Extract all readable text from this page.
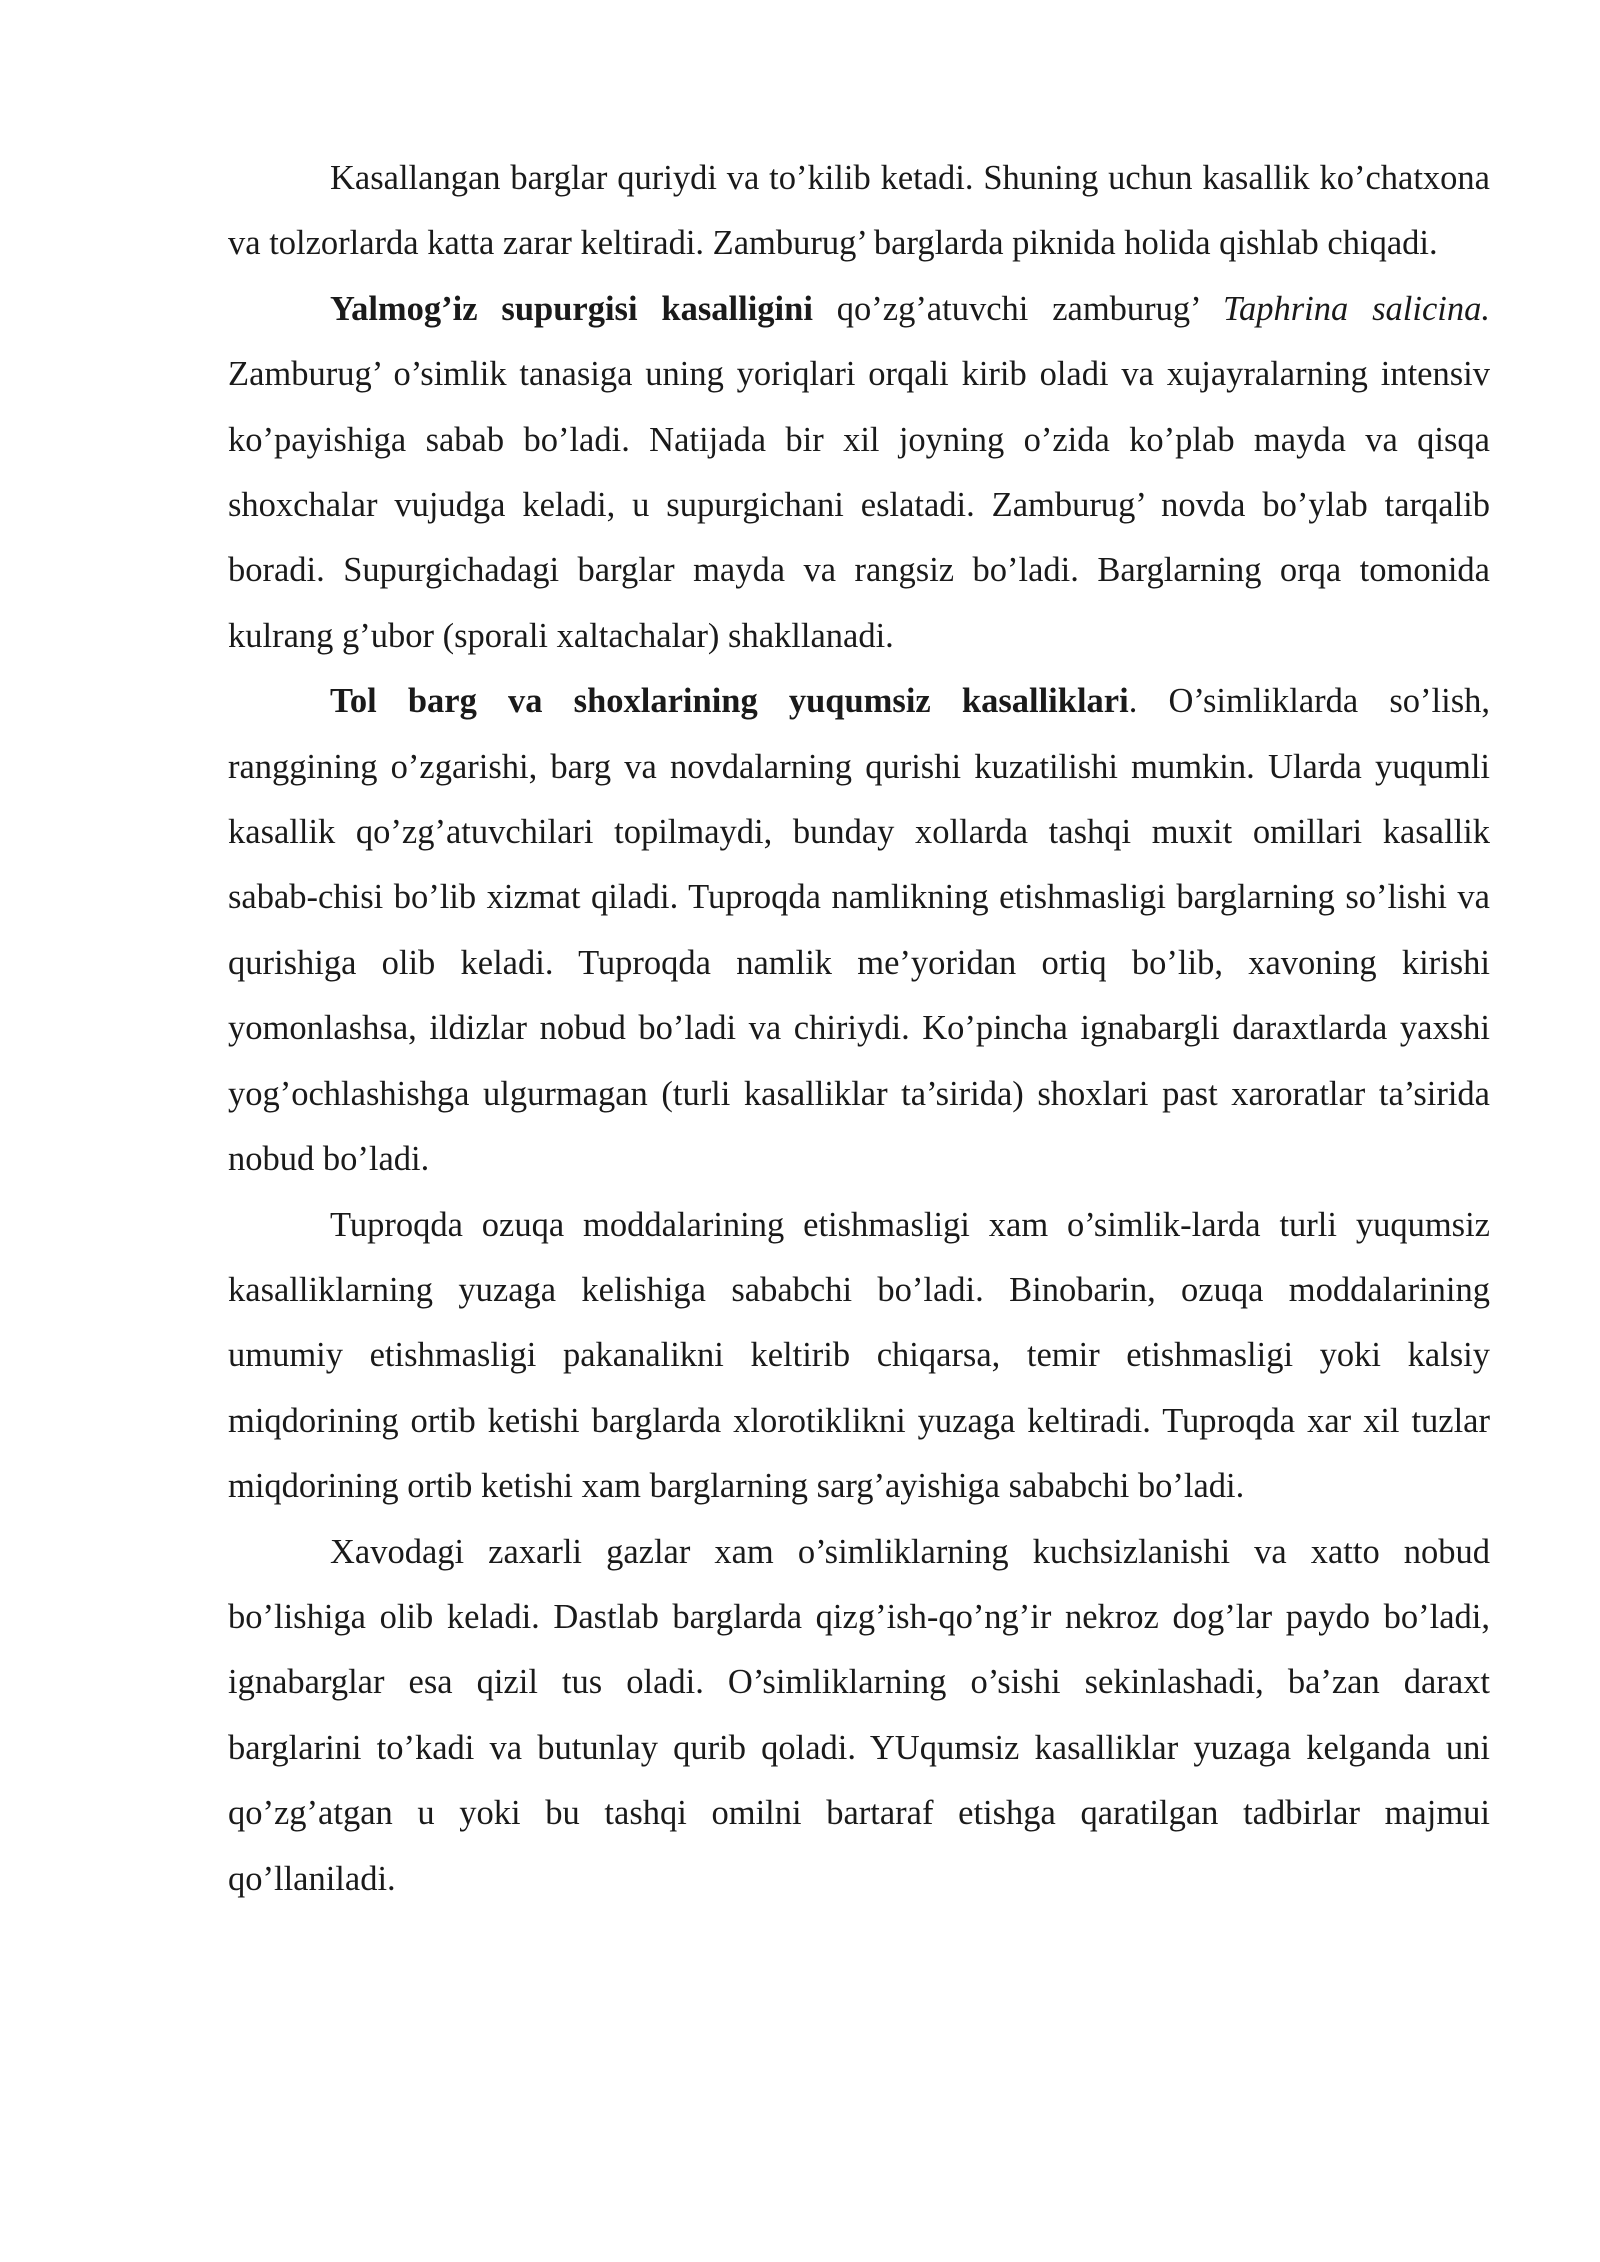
Kasallangan barglar quriydi va to’kilib ketadi. Shuning uchun kasallik ko’chatxona va tolzorlarda katta zarar keltiradi. Zamburug’ barglarda piknida holida qishlab chiqadi.

Yalmog’iz supurgisi kasalligini qo’zg’atuvchi zamburug’ Taphrina salicina. Zamburug’ o’simlik tanasiga uning yoriqlari orqali kirib oladi va xujayralarning intensiv ko’payishiga sabab bo’ladi. Natijada bir xil joyning o’zida ko’plab mayda va qisqa shoxchalar vujudga keladi, u supurgichani eslatadi. Zamburug’ novda bo’ylab tarqalib boradi. Supurgichadagi barglar mayda va rangsiz bo’ladi. Barglarning orqa tomonida kulrang g’ubor (sporali xaltachalar) shakllanadi.

Tol barg va shoxlarining yuqumsiz kasalliklari. O’simliklarda so’lish, ranggining o’zgarishi, barg va novdalarning qurishi kuzatilishi mumkin. Ularda yuqumli kasallik qo’zg’atuvchilari topilmaydi, bunday xollarda tashqi muxit omillari kasallik sabab-chisi bo’lib xizmat qiladi. Tuproqda namlikning etishmasligi barglarning so’lishi va qurishiga olib keladi. Tuproqda namlik me’yoridan ortiq bo’lib, xavoning kirishi yomonlashsa, ildizlar nobud bo’ladi va chiriydi. Ko’pincha ignabargli daraxtlarda yaxshi yog’ochlashishga ulgurmagan (turli kasalliklar ta’sirida) shoxlari past xaroratlar ta’sirida nobud bo’ladi.

Tuproqda ozuqa moddalarining etishmasligi xam o’simlik-larda turli yuqumsiz kasalliklarning yuzaga kelishiga sababchi bo’ladi. Binobarin, ozuqa moddalarining umumiy etishmasligi pakanalikni keltirib chiqarsa, temir etishmasligi yoki kalsiy miqdorining ortib ketishi barglarda xlorotiklikni yuzaga keltiradi. Tuproqda xar xil tuzlar miqdorining ortib ketishi xam barglarning sarg’ayishiga sababchi bo’ladi.

Xavodagi zaxarli gazlar xam o’simliklarning kuchsizlanishi va xatto nobud bo’lishiga olib keladi. Dastlab barglarda qizg’ish-qo’ng’ir nekroz dog’lar paydo bo’ladi, ignabarglar esa qizil tus oladi. O’simliklarning o’sishi sekinlashadi, ba’zan daraxt barglarini to’kadi va butunlay qurib qoladi. YUqumsiz kasalliklar yuzaga kelganda uni qo’zg’atgan u yoki bu tashqi omilni bartaraf etishga qaratilgan tadbirlar majmui qo’llaniladi.
